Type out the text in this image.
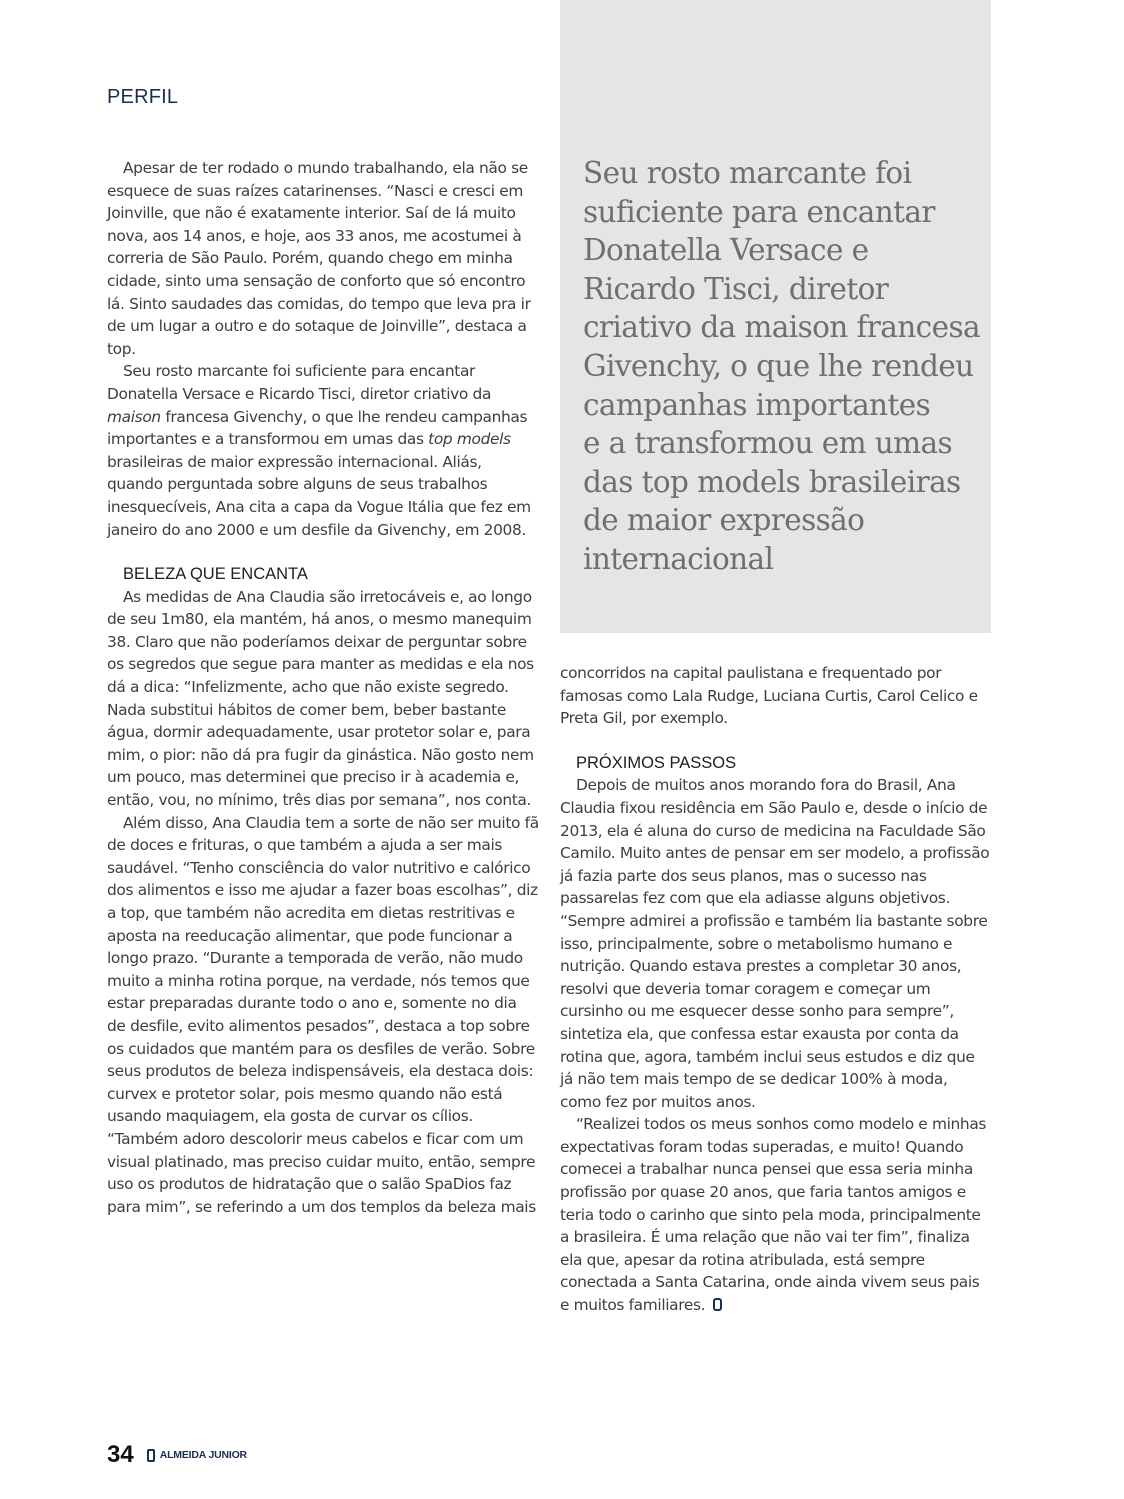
PERFIL
Seu rosto marcante foi
suficiente para encantar
Donatella Versace e
Ricardo Tisci, diretor
criativo da maison francesa
Givenchy, o que lhe rendeu
campanhas importantes
e a transformou em umas
das top models brasileiras
de maior expressão
internacional

Apesar de ter rodado o mundo trabalhando, ela não se esquece de suas raízes catarinenses. “Nasci e cresci em Joinville, que não é exatamente interior. Saí de lá muito nova, aos 14 anos, e hoje, aos 33 anos, me acostumei à correria de São Paulo. Porém, quando chego em minha cidade, sinto uma sensação de conforto que só encontro lá. Sinto saudades das comidas, do tempo que leva pra ir de um lugar a outro e do sotaque de Joinville”, destaca a top.

Seu rosto marcante foi suficiente para encantar Donatella Versace e Ricardo Tisci, diretor criativo da maison francesa Givenchy, o que lhe rendeu campanhas importantes e a transformou em umas das top models brasileiras de maior expressão internacional. Aliás, quando perguntada sobre alguns de seus trabalhos inesquecíveis, Ana cita a capa da Vogue Itália que fez em janeiro do ano 2000 e um desfile da Givenchy, em 2008.

BELEZA QUE ENCANTA

As medidas de Ana Claudia são irretocáveis e, ao longo de seu 1m80, ela mantém, há anos, o mesmo manequim 38. Claro que não poderíamos deixar de perguntar sobre os segredos que segue para manter as medidas e ela nos dá a dica: “Infelizmente, acho que não existe segredo. Nada substitui hábitos de comer bem, beber bastante água, dormir adequadamente, usar protetor solar e, para mim, o pior: não dá pra fugir da ginástica. Não gosto nem um pouco, mas determinei que preciso ir à academia e, então, vou, no mínimo, três dias por semana”, nos conta.

Além disso, Ana Claudia tem a sorte de não ser muito fã de doces e frituras, o que também a ajuda a ser mais saudável. “Tenho consciência do valor nutritivo e calórico dos alimentos e isso me ajudar a fazer boas escolhas”, diz a top, que também não acredita em dietas restritivas e aposta na reeducação alimentar, que pode funcionar a longo prazo. “Durante a temporada de verão, não mudo muito a minha rotina porque, na verdade, nós temos que estar preparadas durante todo o ano e, somente no dia de desfile, evito alimentos pesados”, destaca a top sobre os cuidados que mantém para os desfiles de verão. Sobre seus produtos de beleza indispensáveis, ela destaca dois: curvex e protetor solar, pois mesmo quando não está usando maquiagem, ela gosta de curvar os cílios. “Também adoro descolorir meus cabelos e ficar com um visual platinado, mas preciso cuidar muito, então, sempre uso os produtos de hidratação que o salão SpaDios faz para mim”, se referindo a um dos templos da beleza mais

concorridos na capital paulistana e frequentado por famosas como Lala Rudge, Luciana Curtis, Carol Celico e Preta Gil, por exemplo.

PRÓXIMOS PASSOS

Depois de muitos anos morando fora do Brasil, Ana Claudia fixou residência em São Paulo e, desde o início de 2013, ela é aluna do curso de medicina na Faculdade São Camilo. Muito antes de pensar em ser modelo, a profissão já fazia parte dos seus planos, mas o sucesso nas passarelas fez com que ela adiasse alguns objetivos. “Sempre admirei a profissão e também lia bastante sobre isso, principalmente, sobre o metabolismo humano e nutrição. Quando estava prestes a completar 30 anos, resolvi que deveria tomar coragem e começar um cursinho ou me esquecer desse sonho para sempre”, sintetiza ela, que confessa estar exausta por conta da rotina que, agora, também inclui seus estudos e diz que já não tem mais tempo de se dedicar 100% à moda, como fez por muitos anos.

“Realizei todos os meus sonhos como modelo e minhas expectativas foram todas superadas, e muito! Quando comecei a trabalhar nunca pensei que essa seria minha profissão por quase 20 anos, que faria tantos amigos e teria todo o carinho que sinto pela moda, principalmente a brasileira. É uma relação que não vai ter fim”, finaliza ela que, apesar da rotina atribulada, está sempre conectada a Santa Catarina, onde ainda vivem seus pais e muitos familiares.

34 ALMEIDA JUNIOR
